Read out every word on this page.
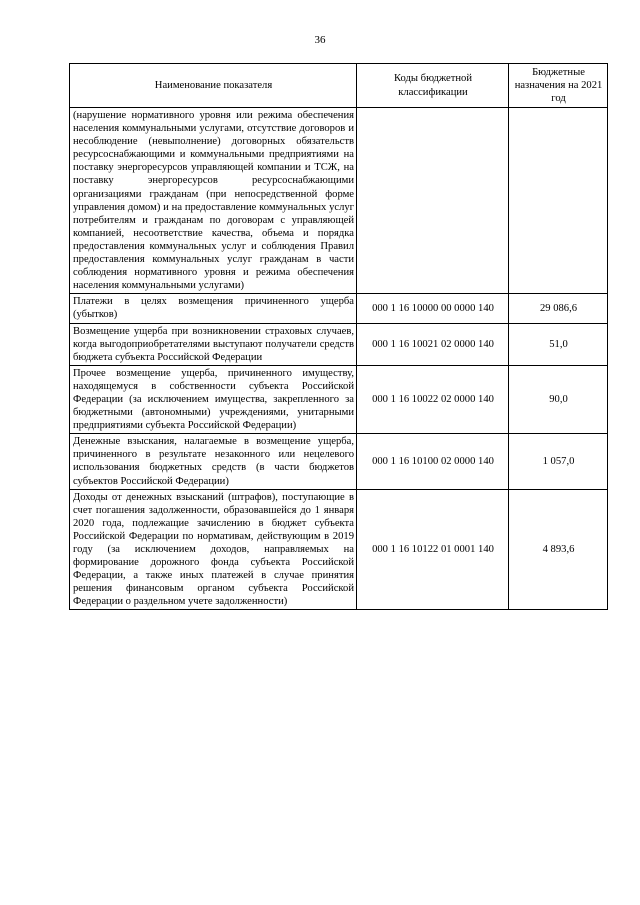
36
Наименование показателя	Коды бюджетной классификации	Бюджетные назначения на 2021 год
(нарушение нормативного уровня или режима обеспечения населения коммунальными услугами, отсутствие договоров и несоблюдение (невыполнение) договорных обязательств ресурсоснабжающими и коммунальными предприятиями на поставку энергоресурсов управляющей компании и ТСЖ, на поставку энергоресурсов ресурсоснабжающими организациями гражданам (при непосредственной форме управления домом) и на предоставление коммунальных услуг потребителям и гражданам по договорам с управляющей компанией, несоответствие качества, объема и порядка предоставления коммунальных услуг и соблюдения Правил предоставления коммунальных услуг гражданам в части соблюдения нормативного уровня и режима обеспечения населения коммунальными услугами)		
Платежи в целях возмещения причиненного ущерба (убытков)	000 1 16 10000 00 0000 140	29 086,6
Возмещение ущерба при возникновении страховых случаев, когда выгодоприобретателями выступают получатели средств бюджета субъекта Российской Федерации	000 1 16 10021 02 0000 140	51,0
Прочее возмещение ущерба, причиненного имуществу, находящемуся в собственности субъекта Российской Федерации (за исключением имущества, закрепленного за бюджетными (автономными) учреждениями, унитарными предприятиями субъекта Российской Федерации)	000 1 16 10022 02 0000 140	90,0
Денежные взыскания, налагаемые в возмещение ущерба, причиненного в результате незаконного или нецелевого использования бюджетных средств (в части бюджетов субъектов Российской Федерации)	000 1 16 10100 02 0000 140	1 057,0
Доходы от денежных взысканий (штрафов), поступающие в счет погашения задолженности, образовавшейся до 1 января 2020 года, подлежащие зачислению в бюджет субъекта Российской Федерации по нормативам, действующим в 2019 году (за исключением доходов, направляемых на формирование дорожного фонда субъекта Российской Федерации, а также иных платежей в случае принятия решения финансовым органом субъекта Российской Федерации о раздельном учете задолженности)	000 1 16 10122 01 0001 140	4 893,6
